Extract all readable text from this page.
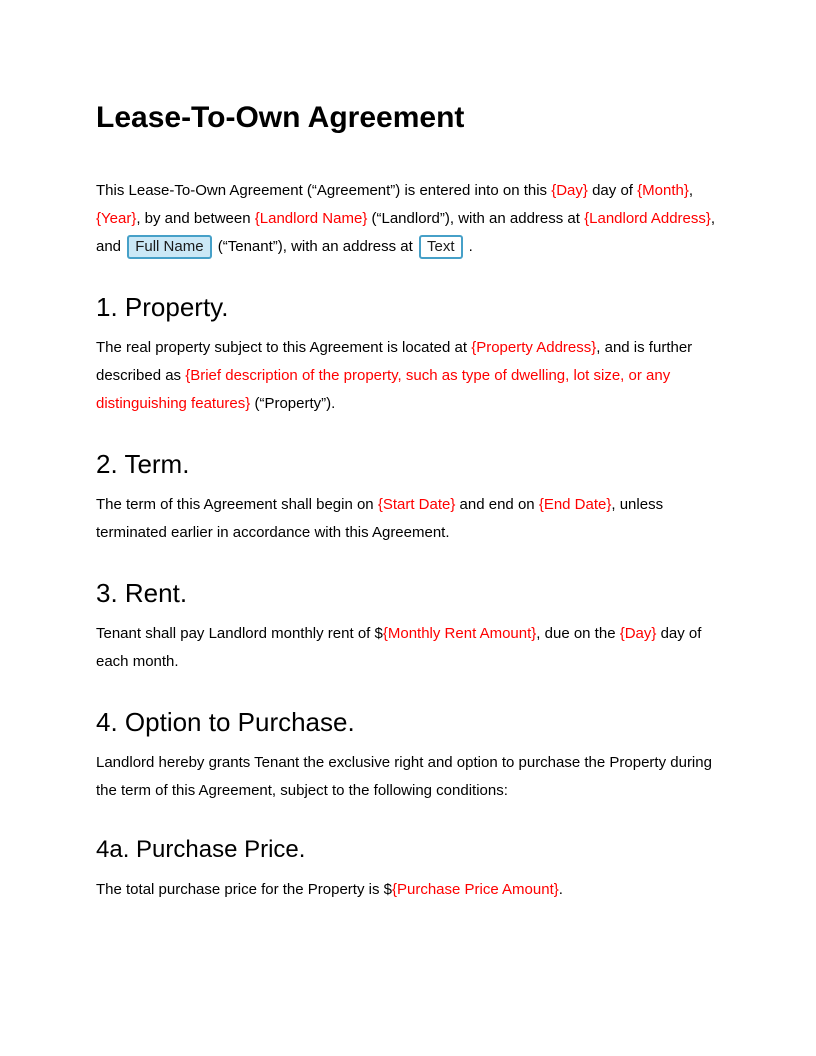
Lease-To-Own Agreement

This Lease-To-Own Agreement (“Agreement”) is entered into on this {Day} day of {Month}, {Year}, by and between {Landlord Name} (“Landlord”), with an address at {Landlord Address}, and Full Name (“Tenant”), with an address at Text .

1. Property.

The real property subject to this Agreement is located at {Property Address}, and is further described as {Brief description of the property, such as type of dwelling, lot size, or any distinguishing features} (“Property”).

2. Term.

The term of this Agreement shall begin on {Start Date} and end on {End Date}, unless terminated earlier in accordance with this Agreement.

3. Rent.

Tenant shall pay Landlord monthly rent of ${Monthly Rent Amount}, due on the {Day} day of each month.

4. Option to Purchase.

Landlord hereby grants Tenant the exclusive right and option to purchase the Property during the term of this Agreement, subject to the following conditions:

4a. Purchase Price.

The total purchase price for the Property is ${Purchase Price Amount}.
